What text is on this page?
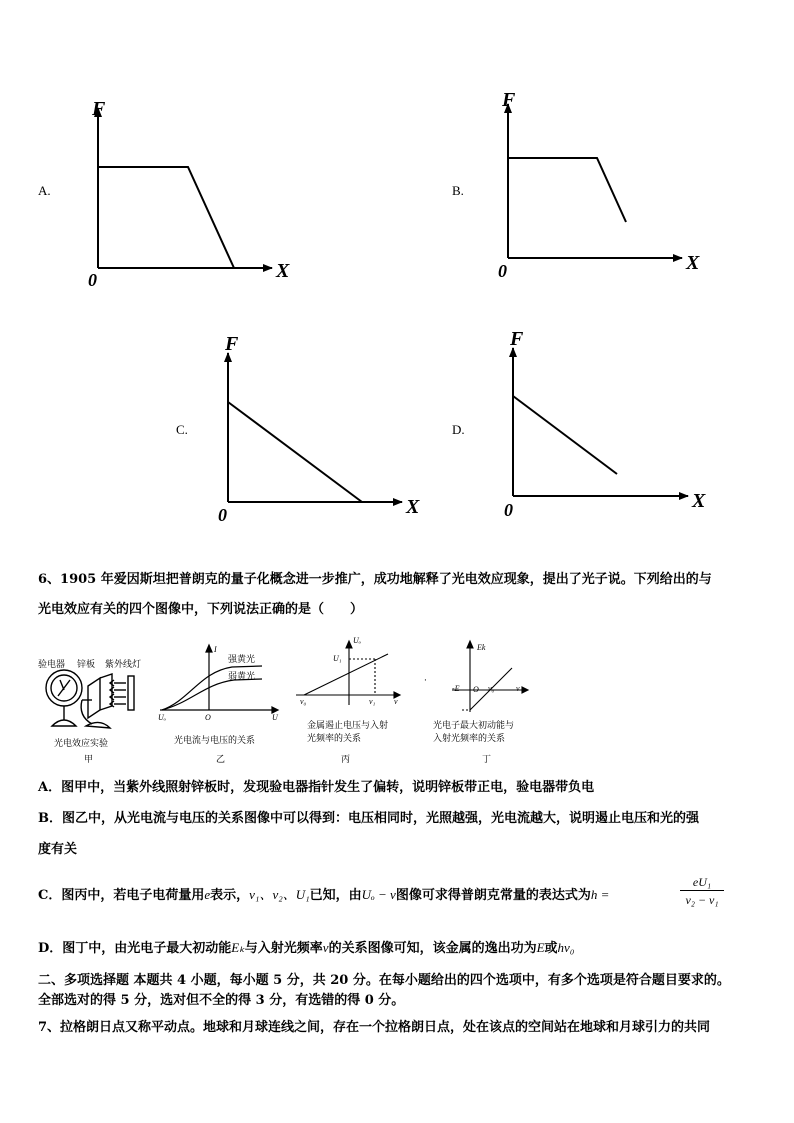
A.
F
X
0
B.
F
X
0
C.
F
X
0
D.
F
X
0
6、1905 年爱因斯坦把普朗克的量子化概念进一步推广，成功地解释了光电效应现象，提出了光子说。下列给出的与
光电效应有关的四个图像中，下列说法正确的是（　　）
验电器 锌板 紫外线灯
光电效应实验
甲
I
强黄光
弱黄光
Uₒ	O	U
光电流与电压的关系
乙
Uₒ
U₁
ν₀	ν₁ ν
金属遏止电压与入射
光频率的关系
丙
·
Ek
-E O ν₀	ν
光电子最大初动能与
入射光频率的关系
丁
A．图甲中，当紫外线照射锌板时，发现验电器指针发生了偏转，说明锌板带正电，验电器带负电
B．图乙中，从光电流与电压的关系图像中可以得到：电压相同时，光照越强，光电流越大，说明遏止电压和光的强
度有关
C．图丙中，若电子电荷量用e表示，ν₁、ν₂、U₁已知，由Uₒ − ν图像可求得普朗克常量的表达式为h =	$\frac{\text{eU₁}}{\text{ν₂ − ν₁}}$
D．图丁中，由光电子最大初动能Eₖ与入射光频率ν的关系图像可知，该金属的逸出功为E或hν₀
二、多项选择题 本题共 4 小题，每小题 5 分，共 20 分。在每小题给出的四个选项中，有多个选项是符合题目要求的。
全部选对的得 5 分，选对但不全的得 3 分，有选错的得 0 分。
7、拉格朗日点又称平动点。地球和月球连线之间，存在一个拉格朗日点，处在该点的空间站在地球和月球引力的共同
